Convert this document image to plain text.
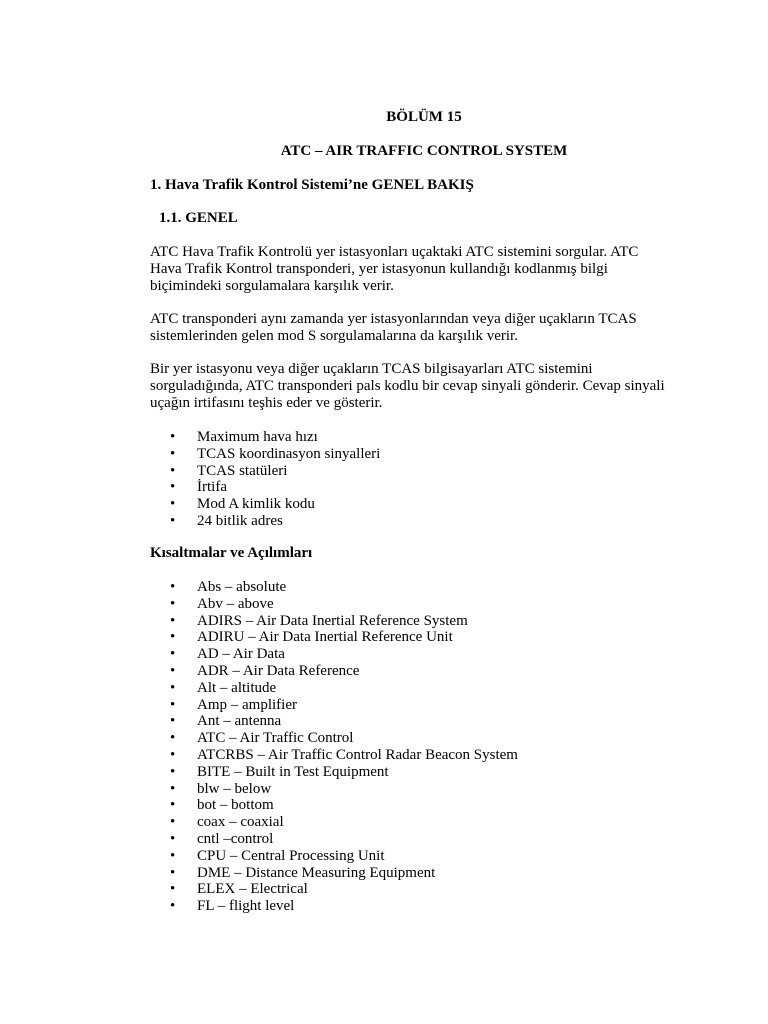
BÖLÜM 15
ATC – AIR TRAFFIC CONTROL SYSTEM
1. Hava Trafik Kontrol Sistemi’ne GENEL BAKIŞ
1.1. GENEL
ATC Hava Trafik Kontrolü yer istasyonları uçaktaki ATC sistemini sorgular. ATC Hava Trafik Kontrol transponderi, yer istasyonun kullandığı kodlanmış bilgi biçimindeki sorgulamalara karşılık verir.
ATC transponderi aynı zamanda yer istasyonlarından veya diğer uçakların TCAS sistemlerinden gelen mod S sorgulamalarına da karşılık verir.
Bir yer istasyonu veya diğer uçakların TCAS bilgisayarları ATC sistemini sorguladığında, ATC transponderi pals kodlu bir cevap sinyali gönderir. Cevap sinyali uçağın irtifasını teşhis eder ve gösterir.
• Maximum hava hızı
• TCAS koordinasyon sinyalleri
• TCAS statüleri
• İrtifa
• Mod A kimlik kodu
• 24 bitlik adres
Kısaltmalar ve Açılımları
• Abs – absolute
• Abv – above
• ADIRS – Air Data Inertial Reference System
• ADIRU – Air Data Inertial Reference Unit
• AD – Air Data
• ADR – Air Data Reference
• Alt – altitude
• Amp – amplifier
• Ant – antenna
• ATC – Air Traffic Control
• ATCRBS – Air Traffic Control Radar Beacon System
• BITE – Built in Test Equipment
• blw – below
• bot – bottom
• coax – coaxial
• cntl –control
• CPU – Central Processing Unit
• DME – Distance Measuring Equipment
• ELEX – Electrical
• FL – flight level
